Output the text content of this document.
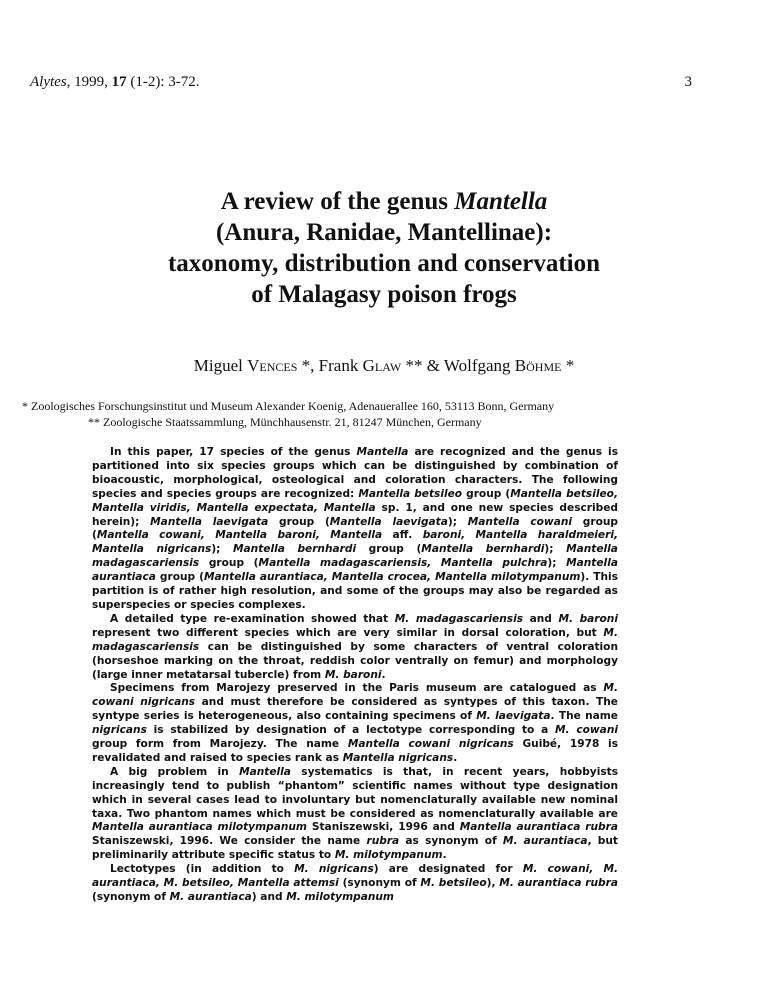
Alytes, 1999, 17 (1-2): 3-72.	3
A review of the genus Mantella
(Anura, Ranidae, Mantellinae):
taxonomy, distribution and conservation
of Malagasy poison frogs
Miguel Vences *, Frank Glaw ** & Wolfgang Böhme *
* Zoologisches Forschungsinstitut und Museum Alexander Koenig, Adenauerallee 160, 53113 Bonn, Germany
** Zoologische Staatssammlung, Münchhausenstr. 21, 81247 München, Germany

In this paper, 17 species of the genus Mantella are recognized and the genus is partitioned into six species groups which can be distinguished by combination of bioacoustic, morphological, osteological and coloration characters. The following species and species groups are recognized: Mantella betsileo group (Mantella betsileo, Mantella viridis, Mantella expectata, Mantella sp. 1, and one new species described herein); Mantella laevigata group (Mantella laevigata); Mantella cowani group (Mantella cowani, Mantella baroni, Mantella aff. baroni, Mantella haraldmeieri, Mantella nigricans); Mantella bernhardi group (Mantella bernhardi); Mantella madagascariensis group (Mantella madagascariensis, Mantella pulchra); Mantella aurantiaca group (Mantella aurantiaca, Mantella crocea, Mantella milotympanum). This partition is of rather high resolution, and some of the groups may also be regarded as superspecies or species complexes.

A detailed type re-examination showed that M. madagascariensis and M. baroni represent two different species which are very similar in dorsal coloration, but M. madagascariensis can be distinguished by some characters of ventral coloration (horseshoe marking on the throat, reddish color ventrally on femur) and morphology (large inner metatarsal tubercle) from M. baroni.

Specimens from Marojezy preserved in the Paris museum are catalogued as M. cowani nigricans and must therefore be considered as syntypes of this taxon. The syntype series is heterogeneous, also containing specimens of M. laevigata. The name nigricans is stabilized by designation of a lectotype corresponding to a M. cowani group form from Marojezy. The name Mantella cowani nigricans Guibé, 1978 is revalidated and raised to species rank as Mantella nigricans.

A big problem in Mantella systematics is that, in recent years, hobbyists increasingly tend to publish “phantom” scientific names without type designation which in several cases lead to involuntary but nomenclaturally available new nominal taxa. Two phantom names which must be considered as nomenclaturally available are Mantella aurantiaca milotympanum Staniszewski, 1996 and Mantella aurantiaca rubra Staniszewski, 1996. We consider the name rubra as synonym of M. aurantiaca, but preliminarily attribute specific status to M. milotympanum.

Lectotypes (in addition to M. nigricans) are designated for M. cowani, M. aurantiaca, M. betsileo, Mantella attemsi (synonym of M. betsileo), M. aurantiaca rubra (synonym of M. aurantiaca) and M. milotympanum
